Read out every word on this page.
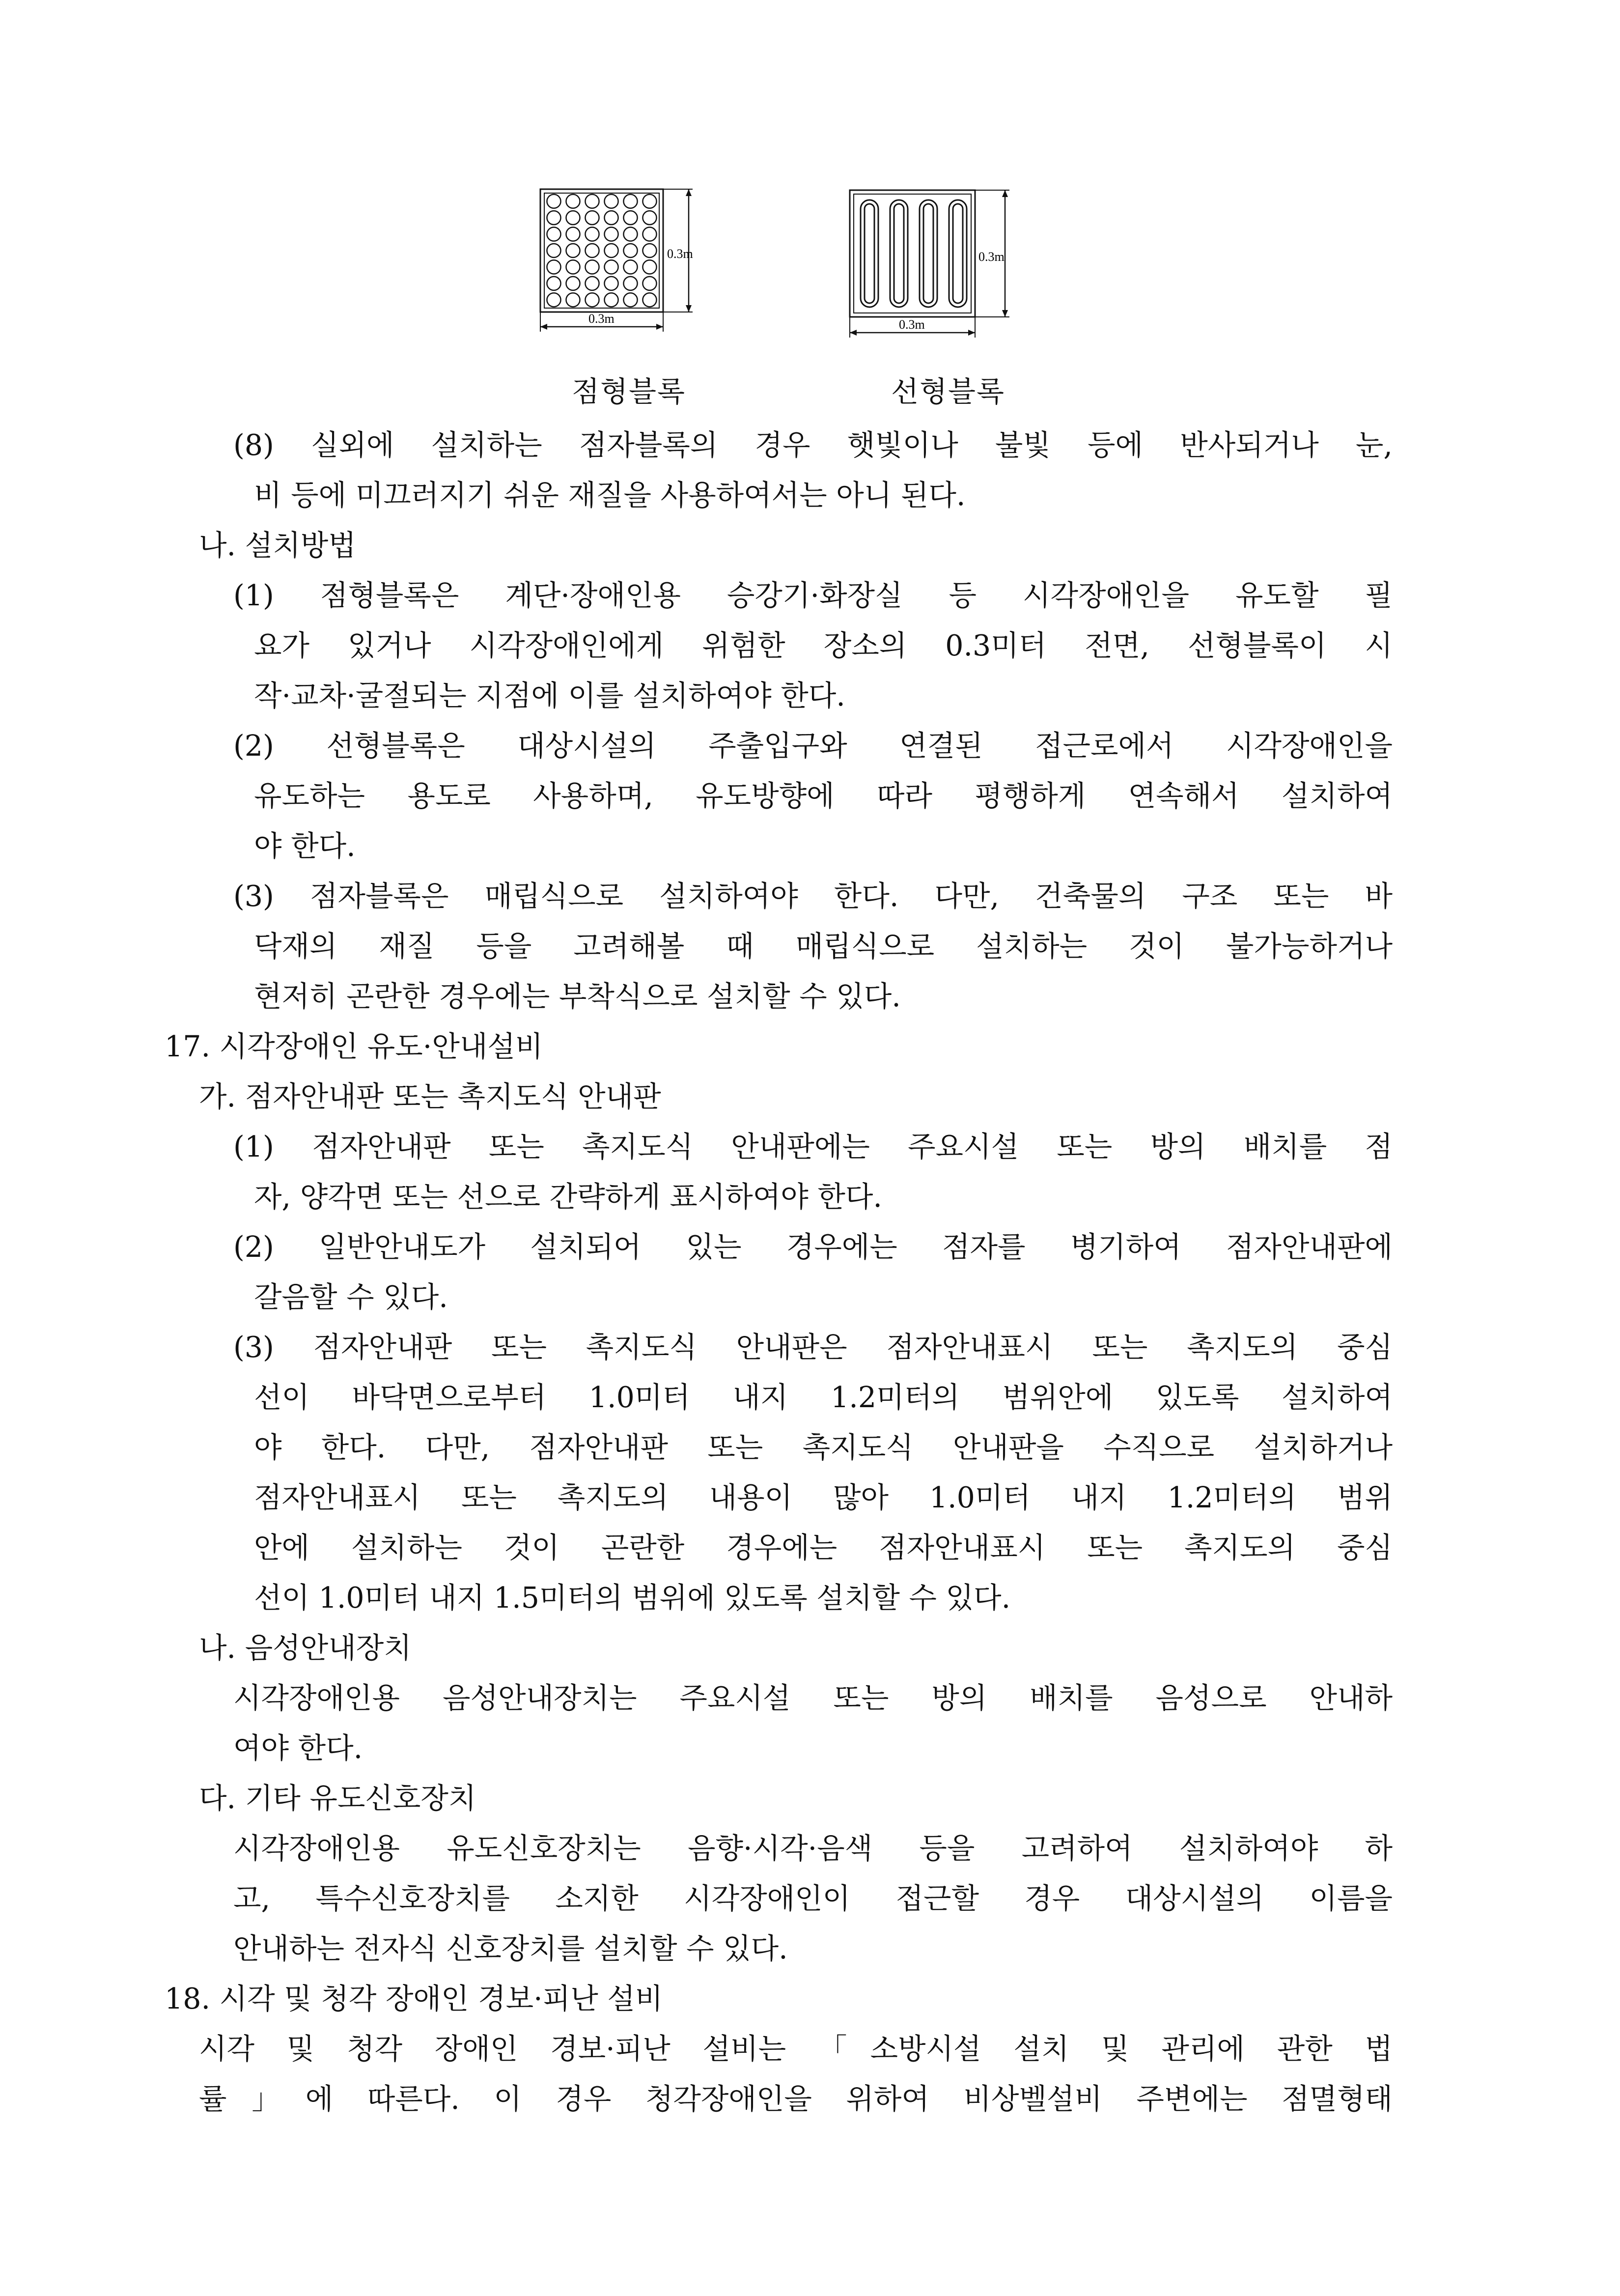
0.3m
0.3m
0.3m
0.3m
점형블록	선형블록
(8) 실외에 설치하는 점자블록의 경우 햇빛이나 불빛 등에 반사되거나 눈,
비 등에 미끄러지기 쉬운 재질을 사용하여서는 아니 된다.
나. 설치방법
(1) 점형블록은 계단·장애인용 승강기·화장실 등 시각장애인을 유도할 필
요가 있거나 시각장애인에게 위험한 장소의 0.3미터 전면, 선형블록이 시
작·교차·굴절되는 지점에 이를 설치하여야 한다.
(2) 선형블록은 대상시설의 주출입구와 연결된 접근로에서 시각장애인을
유도하는 용도로 사용하며, 유도방향에 따라 평행하게 연속해서 설치하여
야 한다.
(3) 점자블록은 매립식으로 설치하여야 한다. 다만, 건축물의 구조 또는 바
닥재의 재질 등을 고려해볼 때 매립식으로 설치하는 것이 불가능하거나
현저히 곤란한 경우에는 부착식으로 설치할 수 있다.
17. 시각장애인 유도·안내설비
가. 점자안내판 또는 촉지도식 안내판
(1) 점자안내판 또는 촉지도식 안내판에는 주요시설 또는 방의 배치를 점
자, 양각면 또는 선으로 간략하게 표시하여야 한다.
(2) 일반안내도가 설치되어 있는 경우에는 점자를 병기하여 점자안내판에
갈음할 수 있다.
(3) 점자안내판 또는 촉지도식 안내판은 점자안내표시 또는 촉지도의 중심
선이 바닥면으로부터 1.0미터 내지 1.2미터의 범위안에 있도록 설치하여
야 한다. 다만, 점자안내판 또는 촉지도식 안내판을 수직으로 설치하거나
점자안내표시 또는 촉지도의 내용이 많아 1.0미터 내지 1.2미터의 범위
안에 설치하는 것이 곤란한 경우에는 점자안내표시 또는 촉지도의 중심
선이 1.0미터 내지 1.5미터의 범위에 있도록 설치할 수 있다.
나. 음성안내장치
시각장애인용 음성안내장치는 주요시설 또는 방의 배치를 음성으로 안내하
여야 한다.
다. 기타 유도신호장치
시각장애인용 유도신호장치는 음향·시각·음색 등을 고려하여 설치하여야 하
고, 특수신호장치를 소지한 시각장애인이 접근할 경우 대상시설의 이름을
안내하는 전자식 신호장치를 설치할 수 있다.
18. 시각 및 청각 장애인 경보·피난 설비
시각 및 청각 장애인 경보·피난 설비는 「소방시설 설치 및 관리에 관한 법
률」에 따른다. 이 경우 청각장애인을 위하여 비상벨설비 주변에는 점멸형태
